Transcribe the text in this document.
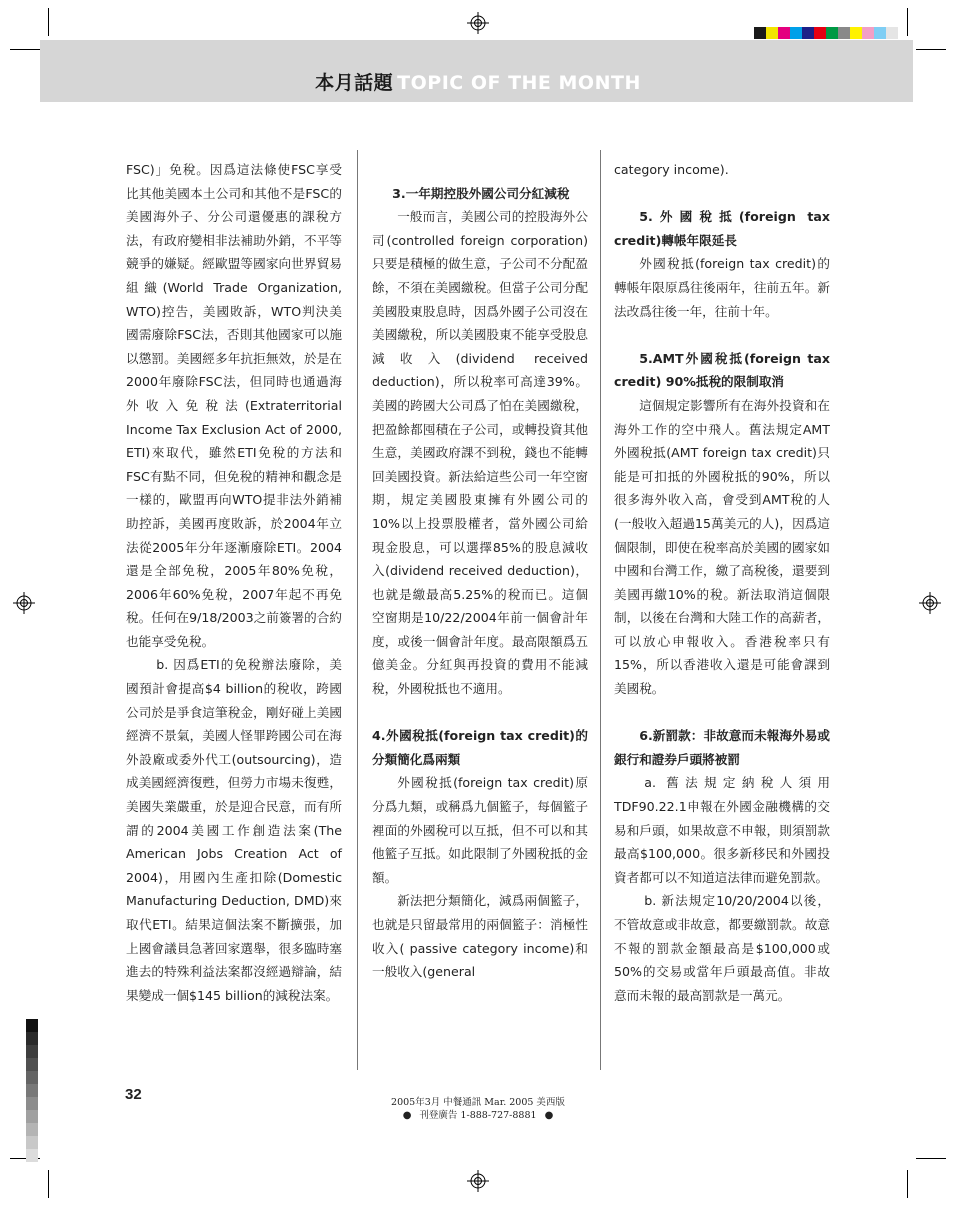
本月話題 TOPIC OF THE MONTH

FSC)」免稅。因爲這法條使FSC享受比其他美國本土公司和其他不是FSC的美國海外子、分公司還優惠的課稅方法，有政府變相非法補助外銷，不平等競爭的嫌疑。經歐盟等國家向世界貿易組織(World Trade Organization, WTO)控告，美國敗訴，WTO判決美國需廢除FSC法，否則其他國家可以施以懲罰。美國經多年抗拒無效，於是在2000年廢除FSC法，但同時也通過海外收入免稅法(Extraterritorial Income Tax Exclusion Act of 2000, ETI)來取代，雖然ETI免稅的方法和FSC有點不同，但免稅的精神和觀念是一樣的，歐盟再向WTO提非法外銷補助控訴，美國再度敗訴，於2004年立法從2005年分年逐漸廢除ETI。2004還是全部免稅，2005年80%免稅，2006年60%免稅，2007年起不再免稅。任何在9/18/2003之前簽署的合約也能享受免稅。

b. 因爲ETI的免稅辦法廢除，美國預計會提高$4 billion的稅收，跨國公司於是爭食這筆稅金，剛好碰上美國經濟不景氣，美國人怪罪跨國公司在海外設廠或委外代工(outsourcing)，造成美國經濟復甦，但勞力市場未復甦，美國失業嚴重，於是迎合民意，而有所謂的2004美國工作創造法案(The American Jobs Creation Act of 2004)，用國內生產扣除(Domestic Manufacturing Deduction, DMD)來取代ETI。結果這個法案不斷擴張，加上國會議員急著回家選舉，很多臨時塞進去的特殊利益法案都沒經過辯論，結果變成一個$145 billion的減稅法案。

3.一年期控股外國公司分紅減稅

一般而言，美國公司的控股海外公司(controlled foreign corporation)只要是積極的做生意，子公司不分配盈餘，不須在美國繳稅。但當子公司分配美國股東股息時，因爲外國子公司沒在美國繳稅，所以美國股東不能享受股息減收入(dividend received deduction)，所以稅率可高達39%。美國的跨國大公司爲了怕在美國繳稅，把盈餘都囤積在子公司，或轉投資其他生意，美國政府課不到稅，錢也不能轉回美國投資。新法給這些公司一年空窗期，規定美國股東擁有外國公司的10%以上投票股權者，當外國公司給現金股息，可以選擇85%的股息減收入(dividend received deduction)，也就是繳最高5.25%的稅而已。這個空窗期是10/22/2004年前一個會計年度，或後一個會計年度。最高限額爲五億美金。分紅與再投資的費用不能減稅，外國稅抵也不適用。

4.外國稅抵(foreign tax credit)的分類簡化爲兩類

外國稅抵(foreign tax credit)原分爲九類，或稱爲九個籃子，每個籃子裡面的外國稅可以互抵，但不可以和其他籃子互抵。如此限制了外國稅抵的金額。

新法把分類簡化，減爲兩個籃子，也就是只留最常用的兩個籃子：消極性收入( passive category income)和一般收入(general

category income).

5.外國稅抵(foreign tax credit)轉帳年限延長

外國稅抵(foreign tax credit)的轉帳年限原爲往後兩年，往前五年。新法改爲往後一年，往前十年。

5.AMT外國稅抵(foreign tax credit) 90%抵稅的限制取消

這個規定影響所有在海外投資和在海外工作的空中飛人。舊法規定AMT外國稅抵(AMT foreign tax credit)只能是可扣抵的外國稅抵的90%，所以很多海外收入高，會受到AMT稅的人(一般收入超過15萬美元的人)，因爲這個限制，即使在稅率高於美國的國家如中國和台灣工作，繳了高稅後，還要到美國再繳10%的稅。新法取消這個限制，以後在台灣和大陸工作的高薪者，可以放心申報收入。香港稅率只有15%，所以香港收入還是可能會課到美國稅。

6.新罰款：非故意而未報海外易或銀行和證券戶頭將被罰

a. 舊法規定納稅人須用TDF90.22.1申報在外國金融機構的交易和戶頭，如果故意不申報，則須罰款最高$100,000。很多新移民和外國投資者都可以不知道這法律而避免罰款。

b. 新法規定10/20/2004以後，不管故意或非故意，都要繳罰款。故意不報的罰款金額最高是$100,000或50%的交易或當年戶頭最高值。非故意而未報的最高罰款是一萬元。

32	2005年3月 中餐通訊 Mar. 2005 美西版
● 刊登廣告 1-888-727-8881 ●
